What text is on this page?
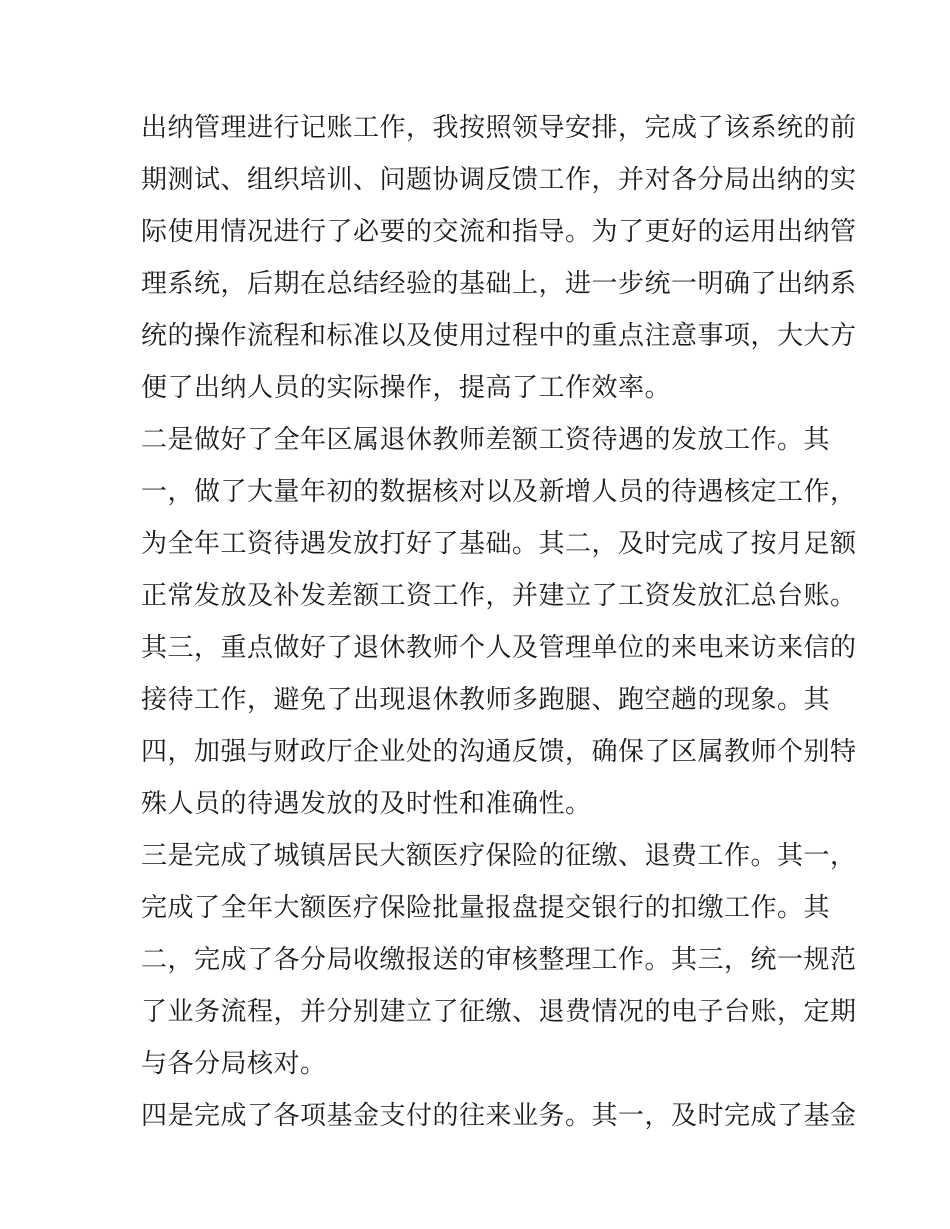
出纳管理进行记账工作，我按照领导安排，完成了该系统的前
期测试、组织培训、问题协调反馈工作，并对各分局出纳的实
际使用情况进行了必要的交流和指导。为了更好的运用出纳管
理系统，后期在总结经验的基础上，进一步统一明确了出纳系
统的操作流程和标准以及使用过程中的重点注意事项，大大方
便了出纳人员的实际操作，提高了工作效率。
二是做好了全年区属退休教师差额工资待遇的发放工作。其
一，做了大量年初的数据核对以及新增人员的待遇核定工作，
为全年工资待遇发放打好了基础。其二，及时完成了按月足额
正常发放及补发差额工资工作，并建立了工资发放汇总台账。
其三，重点做好了退休教师个人及管理单位的来电来访来信的
接待工作，避免了出现退休教师多跑腿、跑空趟的现象。其
四，加强与财政厅企业处的沟通反馈，确保了区属教师个别特
殊人员的待遇发放的及时性和准确性。
三是完成了城镇居民大额医疗保险的征缴、退费工作。其一，
完成了全年大额医疗保险批量报盘提交银行的扣缴工作。其
二，完成了各分局收缴报送的审核整理工作。其三，统一规范
了业务流程，并分别建立了征缴、退费情况的电子台账，定期
与各分局核对。
四是完成了各项基金支付的往来业务。其一，及时完成了基金
